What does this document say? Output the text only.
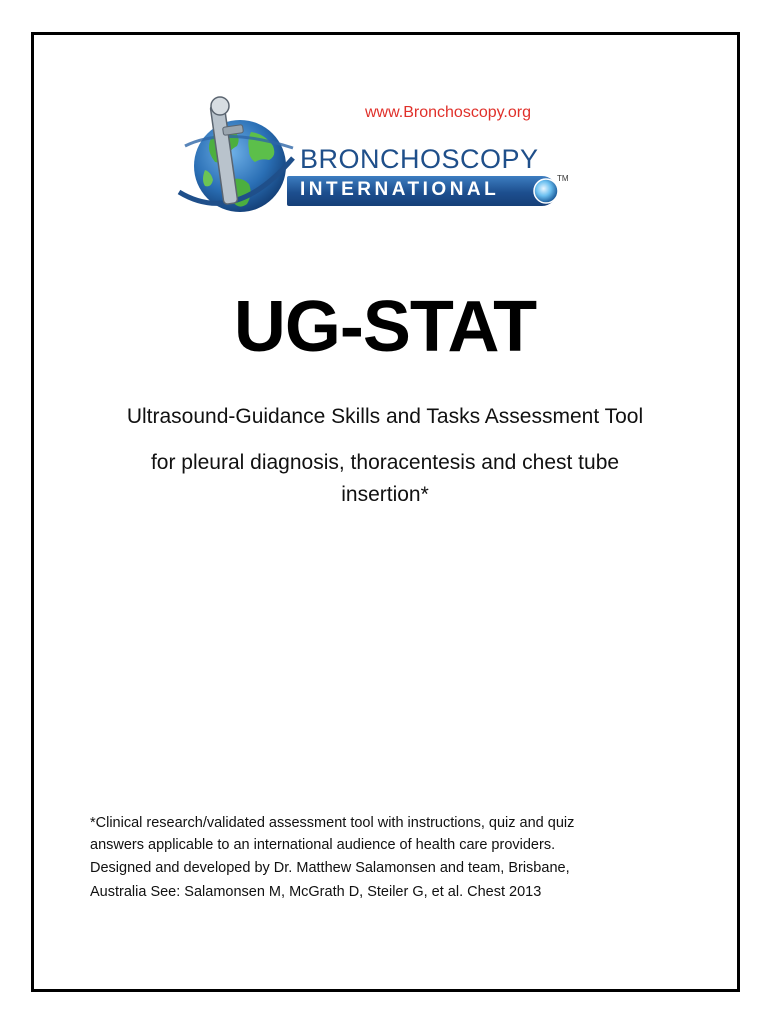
www.Bronchoscopy.org
BRONCHOSCOPY
INTERNATIONAL
TM
UG-STAT
Ultrasound-Guidance Skills and Tasks Assessment Tool
for pleural diagnosis, thoracentesis and chest tube
insertion*
*Clinical research/validated assessment tool with instructions, quiz and quiz
answers applicable to an international audience of health care providers.
Designed and developed by Dr. Matthew Salamonsen and team, Brisbane,
Australia See: Salamonsen M, McGrath D, Steiler G, et al. Chest 2013
